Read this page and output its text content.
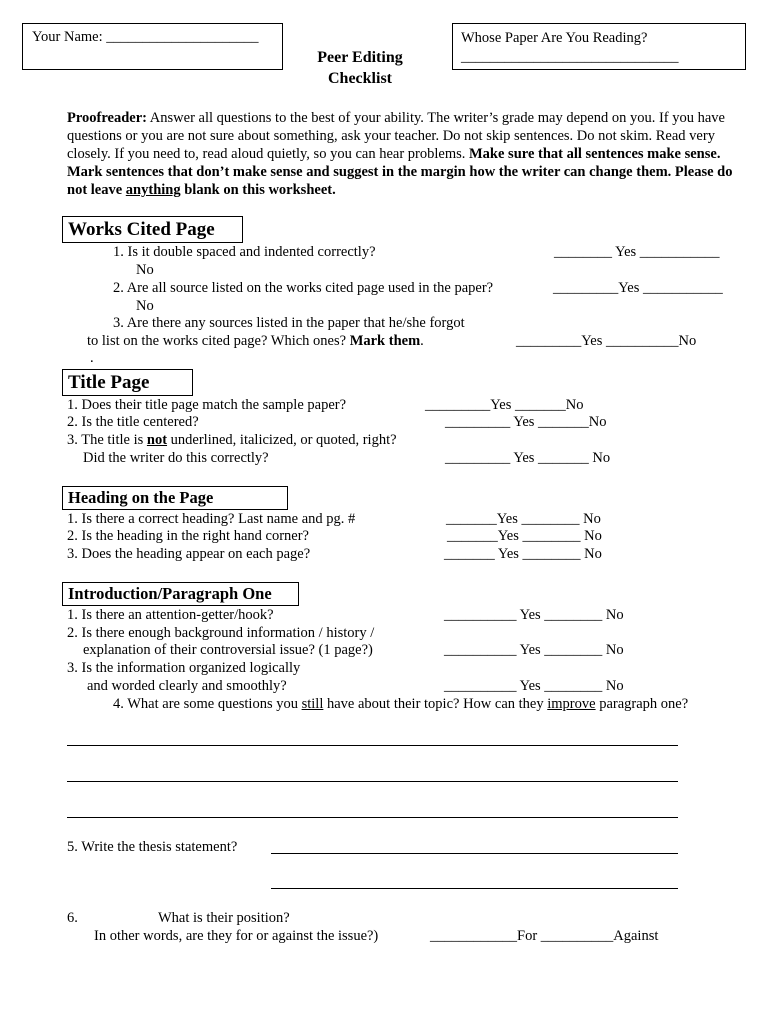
Your Name: _____________________
Peer Editing
Checklist
Whose Paper Are You Reading?
______________________________
Proofreader: Answer all questions to the best of your ability. The writer’s grade may depend on you. If you have questions or you are not sure about something, ask your teacher. Do not skip sentences. Do not skim. Read very closely. If you need to, read aloud quietly, so you can hear problems. Make sure that all sentences make sense. Mark sentences that don’t make sense and suggest in the margin how the writer can change them. Please do not leave anything blank on this worksheet.
Works Cited Page
1. Is it double spaced and indented correctly?	________ Yes ___________
No
2. Are all source listed on the works cited page used in the paper?	_________Yes ___________
No
3. Are there any sources listed in the paper that he/she forgot
to list on the works cited page? Which ones? Mark them.	_________Yes __________No
.
Title Page
1. Does their title page match the sample paper?	_________Yes _______No
2. Is the title centered?	_________ Yes _______No
3. The title is not underlined, italicized, or quoted, right?
Did the writer do this correctly?	_________ Yes _______ No
Heading on the Page
1. Is there a correct heading? Last name and pg. #	_______Yes ________ No
2. Is the heading in the right hand corner?	_______Yes ________ No
3. Does the heading appear on each page?	_______ Yes ________ No
Introduction/Paragraph One
1. Is there an attention-getter/hook?	__________ Yes ________ No
2. Is there enough background information / history /
explanation of their controversial issue? (1 page?)	__________ Yes ________ No
3. Is the information organized logically
and worded clearly and smoothly?	__________ Yes ________ No
4. What are some questions you still have about their topic? How can they improve paragraph one?
5. Write the thesis statement?
6.	What is their position?
In other words, are they for or against the issue?)	____________For __________Against
